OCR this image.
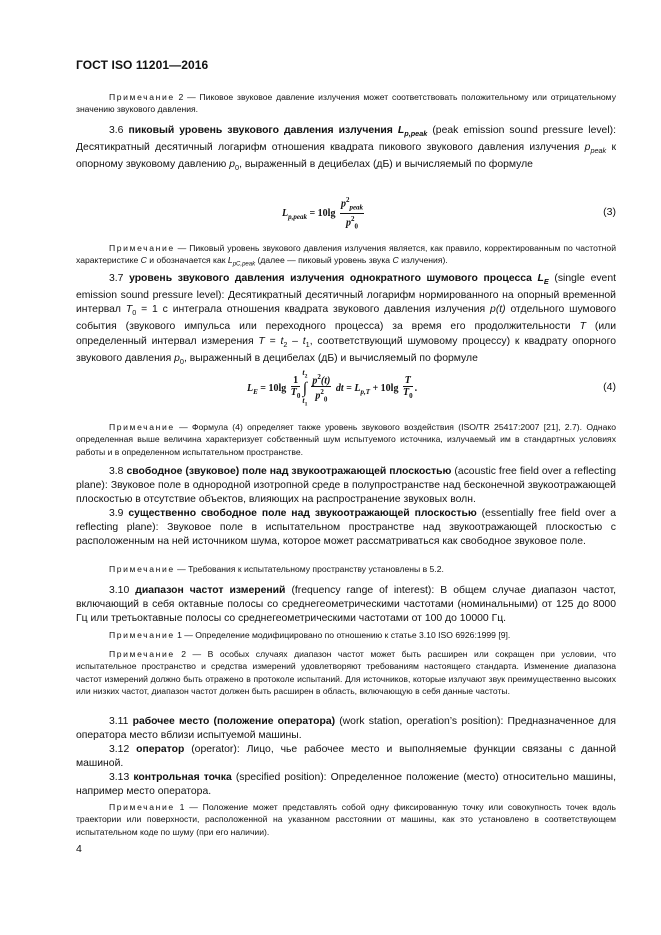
ГОСТ ISO 11201—2016
Примечание 2 — Пиковое звуковое давление излучения может соответствовать положительному или отрицательному значению звукового давления.
3.6 пиковый уровень звукового давления излучения $L_{p,peak}$ (peak emission sound pressure level): Десятикратный десятичный логарифм отношения квадрата пикового звукового давления излучения $p_{peak}$ к опорному звуковому давлению $p_0$, выраженный в децибелах (дБ) и вычисляемый по формуле
$L_{p,peak} = 10\lg \frac{p^2_{peak}}{p^2_0}$	(3)
Примечание — Пиковый уровень звукового давления излучения является, как правило, корректированным по частотной характеристике C и обозначается как $L_{pC,peak}$ (далее — пиковый уровень звука C излучения).
3.7 уровень звукового давления излучения однократного шумового процесса $L_E$ (single event emission sound pressure level): Десятикратный десятичный логарифм нормированного на опорный временной интервал $T_0 = 1$ с интеграла отношения квадрата звукового давления излучения p(t) отдельного шумового события (звукового импульса или переходного процесса) за время его продолжительности T (или определенный интервал измерения $T = t_2 - t_1$, соответствующий шумовому процессу) к квадрату опорного звукового давления $p_0$, выраженный в децибелах (дБ) и вычисляемый по формуле
$L_E = 10\lg \frac{1}{T_0}$
$t_2$
∫
$t_1 \frac{p^2(t)}{p^2_0}$ dt = $L_{p,T} + 10\lg \frac{T}{T_0}$ .	(4)
Примечание — Формула (4) определяет также уровень звукового воздействия (ISO/TR 25417:2007 [21], 2.7). Однако определенная выше величина характеризует собственный шум испытуемого источника, излучаемый им в стандартных условиях работы и в определенном испытательном пространстве.
3.8 свободное (звуковое) поле над звукоотражающей плоскостью (acoustic free field over a reflecting plane): Звуковое поле в однородной изотропной среде в полупространстве над бесконечной звукоотражающей плоскостью в отсутствие объектов, влияющих на распространение звуковых волн.
3.9 существенно свободное поле над звукоотражающей плоскостью (essentially free field over a reflecting plane): Звуковое поле в испытательном пространстве над звукоотражающей плоскостью с расположенным на ней источником шума, которое может рассматриваться как свободное звуковое поле.
Примечание — Требования к испытательному пространству установлены в 5.2.
3.10 диапазон частот измерений (frequency range of interest): В общем случае диапазон частот, включающий в себя октавные полосы со среднегеометрическими частотами (номинальными) от 125 до 8000 Гц или третьоктавные полосы со среднегеометрическими частотами от 100 до 10000 Гц.
Примечание 1 — Определение модифицировано по отношению к статье 3.10 ISO 6926:1999 [9].
Примечание 2 — В особых случаях диапазон частот может быть расширен или сокращен при условии, что испытательное пространство и средства измерений удовлетворяют требованиям настоящего стандарта. Изменение диапазона частот измерений должно быть отражено в протоколе испытаний. Для источников, которые излучают звук преимущественно высоких или низких частот, диапазон частот должен быть расширен в область, включающую в себя данные частоты.
3.11 рабочее место (положение оператора) (work station, operation’s position): Предназначенное для оператора место вблизи испытуемой машины.
3.12 оператор (operator): Лицо, чье рабочее место и выполняемые функции связаны с данной машиной.
3.13 контрольная точка (specified position): Определенное положение (место) относительно машины, например место оператора.
Примечание 1 — Положение может представлять собой одну фиксированную точку или совокупность точек вдоль траектории или поверхности, расположенной на указанном расстоянии от машины, как это установлено в соответствующем испытательном коде по шуму (при его наличии).
4
